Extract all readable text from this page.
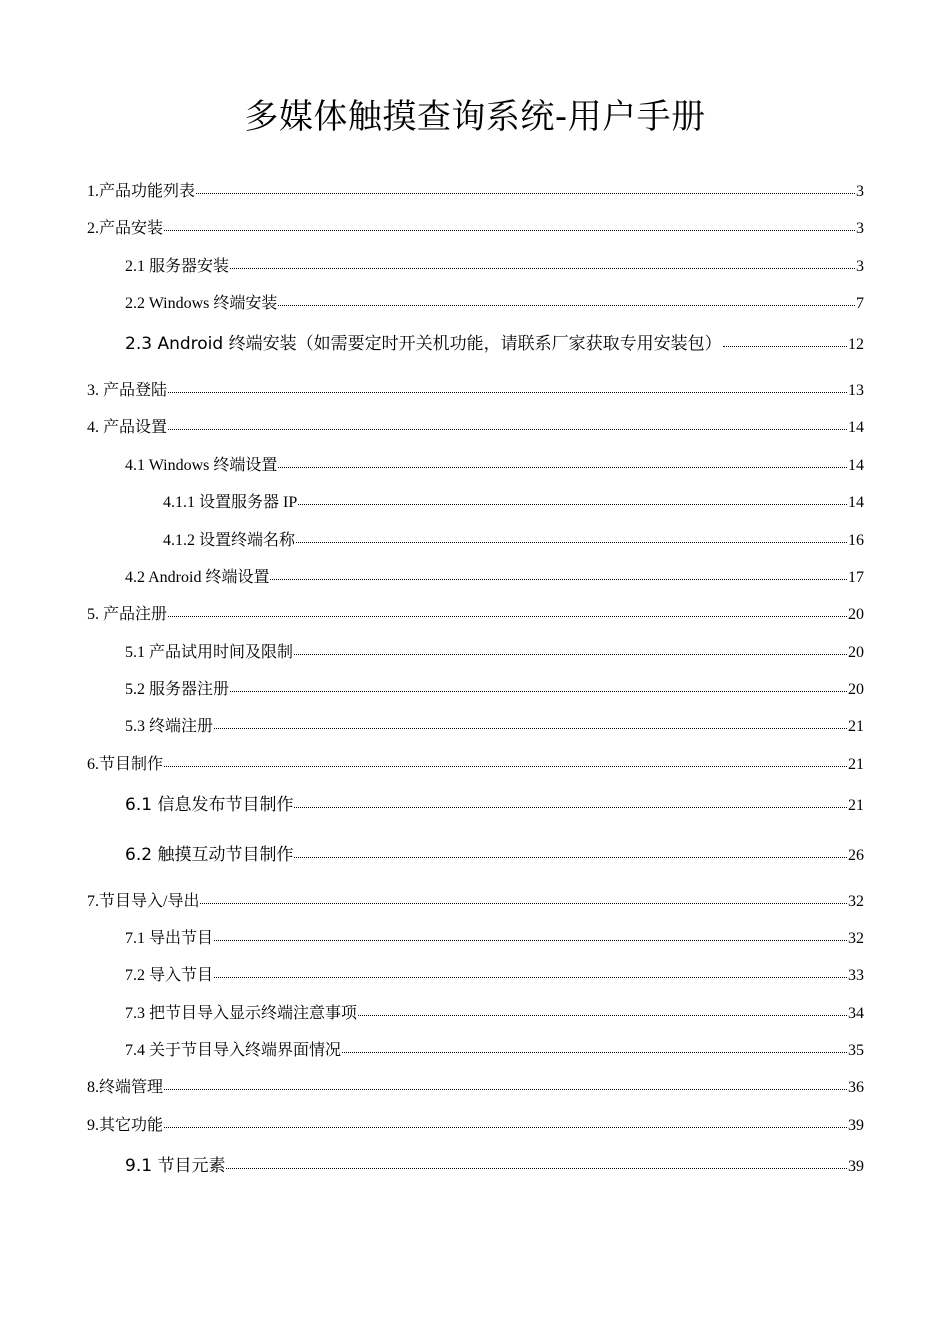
多媒体触摸查询系统-用户手册
1.产品功能列表	3
2.产品安装	3
2.1 服务器安装	3
2.2 Windows 终端安装	7
2.3 Android 终端安装（如需要定时开关机功能，请联系厂家获取专用安装包）	12
3. 产品登陆	13
4. 产品设置	14
4.1 Windows 终端设置	14
4.1.1 设置服务器 IP	14
4.1.2 设置终端名称	16
4.2 Android 终端设置	17
5. 产品注册	20
5.1 产品试用时间及限制	20
5.2 服务器注册	20
5.3 终端注册	21
6.节目制作	21
6.1 信息发布节目制作	21
6.2 触摸互动节目制作	26
7.节目导入/导出	32
7.1 导出节目	32
7.2 导入节目	33
7.3 把节目导入显示终端注意事项	34
7.4 关于节目导入终端界面情况	35
8.终端管理	36
9.其它功能	39
9.1 节目元素	39
